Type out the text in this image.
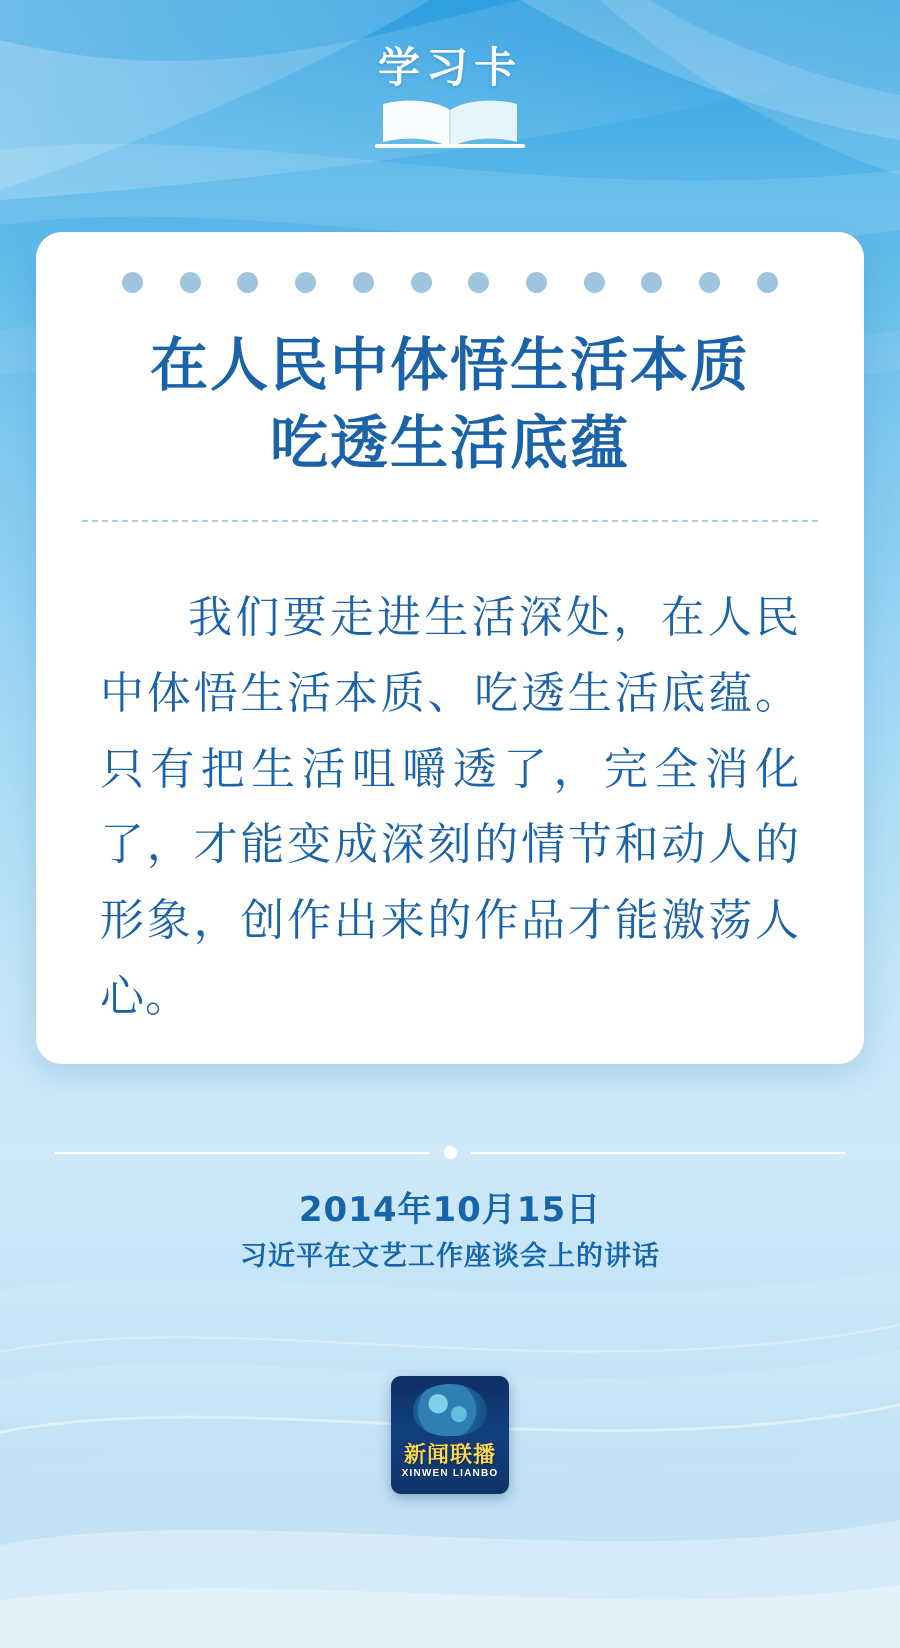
学习卡
在人民中体悟生活本质
吃透生活底蕴
我们要走进生活深处，在人民中体悟生活本质、吃透生活底蕴。只有把生活咀嚼透了，完全消化了，才能变成深刻的情节和动人的形象，创作出来的作品才能激荡人心。
2014年10月15日
习近平在文艺工作座谈会上的讲话
新闻联播
XINWEN LIANBO
